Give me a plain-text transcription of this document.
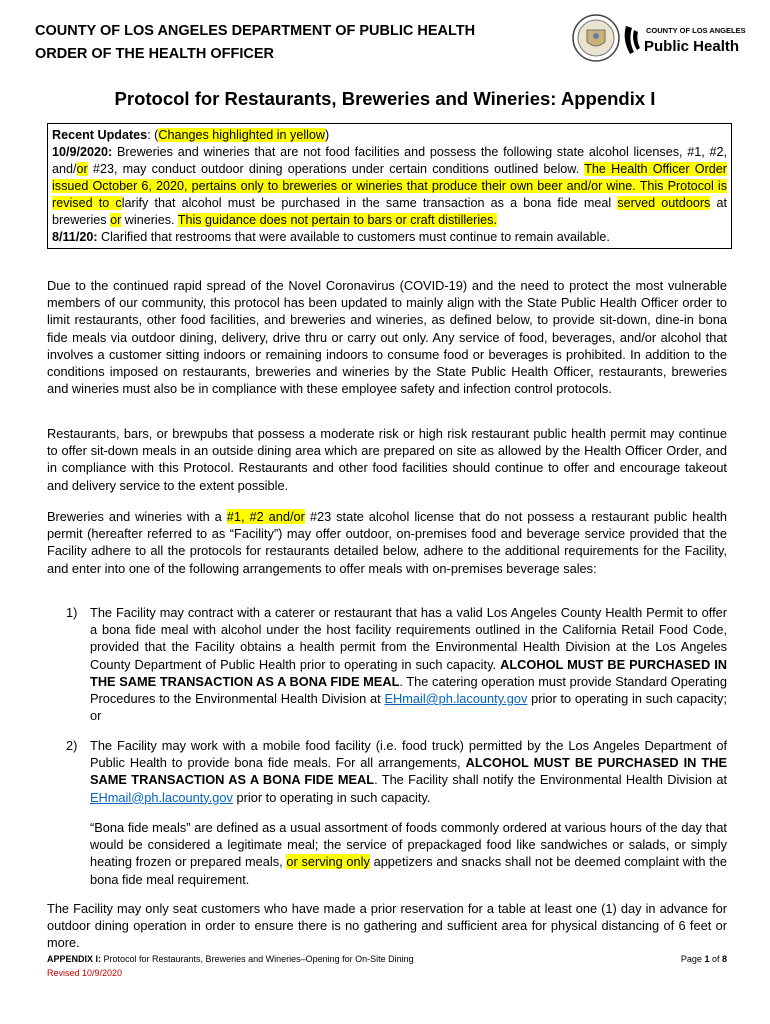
COUNTY OF LOS ANGELES DEPARTMENT OF PUBLIC HEALTH
ORDER OF THE HEALTH OFFICER
COUNTY OF LOS ANGELES
Public Health
Protocol for Restaurants, Breweries and Wineries: Appendix I
Recent Updates: (Changes highlighted in yellow)
10/9/2020: Breweries and wineries that are not food facilities and possess the following state alcohol licenses, #1, #2, and/or #23, may conduct outdoor dining operations under certain conditions outlined below. The Health Officer Order issued October 6, 2020, pertains only to breweries or wineries that produce their own beer and/or wine. This Protocol is revised to clarify that alcohol must be purchased in the same transaction as a bona fide meal served outdoors at breweries or wineries. This guidance does not pertain to bars or craft distilleries.
8/11/20: Clarified that restrooms that were available to customers must continue to remain available.
Due to the continued rapid spread of the Novel Coronavirus (COVID-19) and the need to protect the most vulnerable members of our community, this protocol has been updated to mainly align with the State Public Health Officer order to limit restaurants, other food facilities, and breweries and wineries, as defined below, to provide sit-down, dine-in bona fide meals via outdoor dining, delivery, drive thru or carry out only. Any service of food, beverages, and/or alcohol that involves a customer sitting indoors or remaining indoors to consume food or beverages is prohibited. In addition to the conditions imposed on restaurants, breweries and wineries by the State Public Health Officer, restaurants, breweries and wineries must also be in compliance with these employee safety and infection control protocols.
Restaurants, bars, or brewpubs that possess a moderate risk or high risk restaurant public health permit may continue to offer sit-down meals in an outside dining area which are prepared on site as allowed by the Health Officer Order, and in compliance with this Protocol. Restaurants and other food facilities should continue to offer and encourage takeout and delivery service to the extent possible.
Breweries and wineries with a #1, #2 and/or #23 state alcohol license that do not possess a restaurant public health permit (hereafter referred to as “Facility”) may offer outdoor, on-premises food and beverage service provided that the Facility adhere to all the protocols for restaurants detailed below, adhere to the additional requirements for the Facility, and enter into one of the following arrangements to offer meals with on-premises beverage sales:
1) The Facility may contract with a caterer or restaurant that has a valid Los Angeles County Health Permit to offer a bona fide meal with alcohol under the host facility requirements outlined in the California Retail Food Code, provided that the Facility obtains a health permit from the Environmental Health Division at the Los Angeles County Department of Public Health prior to operating in such capacity. ALCOHOL MUST BE PURCHASED IN THE SAME TRANSACTION AS A BONA FIDE MEAL. The catering operation must provide Standard Operating Procedures to the Environmental Health Division at EHmail@ph.lacounty.gov prior to operating in such capacity; or
2) The Facility may work with a mobile food facility (i.e. food truck) permitted by the Los Angeles Department of Public Health to provide bona fide meals. For all arrangements, ALCOHOL MUST BE PURCHASED IN THE SAME TRANSACTION AS A BONA FIDE MEAL. The Facility shall notify the Environmental Health Division at EHmail@ph.lacounty.gov prior to operating in such capacity.
“Bona fide meals” are defined as a usual assortment of foods commonly ordered at various hours of the day that would be considered a legitimate meal; the service of prepackaged food like sandwiches or salads, or simply heating frozen or prepared meals, or serving only appetizers and snacks shall not be deemed complaint with the bona fide meal requirement.
The Facility may only seat customers who have made a prior reservation for a table at least one (1) day in advance for outdoor dining operation in order to ensure there is no gathering and sufficient area for physical distancing of 6 feet or more.
APPENDIX I: Protocol for Restaurants, Breweries and Wineries–Opening for On-Site Dining
Revised 10/9/2020
Page 1 of 8
